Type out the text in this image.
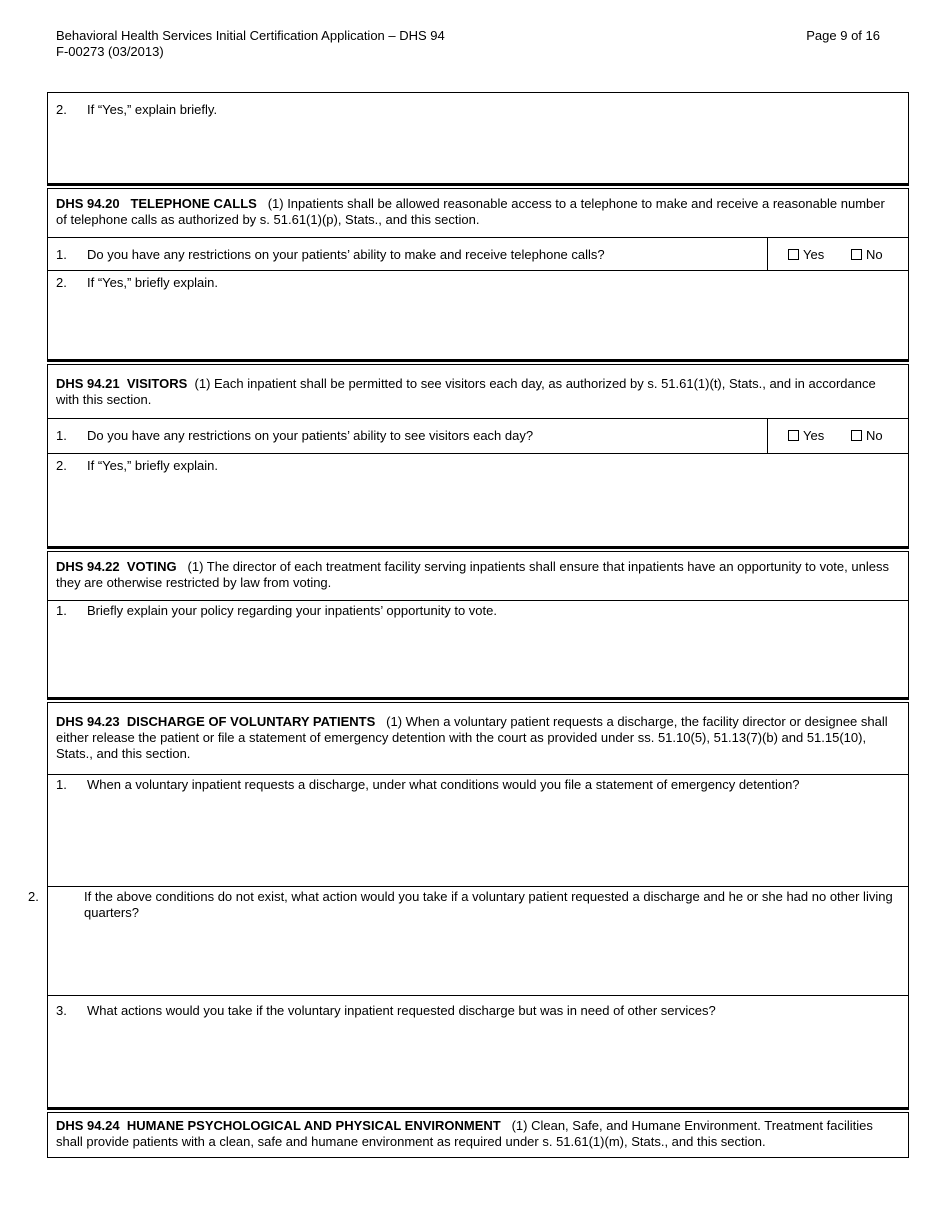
Behavioral Health Services Initial Certification Application – DHS 94
F-00273 (03/2013)
Page 9 of 16
2. If “Yes,” explain briefly.
DHS 94.20 TELEPHONE CALLS (1) Inpatients shall be allowed reasonable access to a telephone to make and receive a reasonable number of telephone calls as authorized by s. 51.61(1)(p), Stats., and this section.
1. Do you have any restrictions on your patients’ ability to make and receive telephone calls?	Yes	No
2. If “Yes,” briefly explain.
DHS 94.21 VISITORS (1) Each inpatient shall be permitted to see visitors each day, as authorized by s. 51.61(1)(t), Stats., and in accordance with this section.
1. Do you have any restrictions on your patients’ ability to see visitors each day?	Yes	No
2. If “Yes,” briefly explain.
DHS 94.22 VOTING (1) The director of each treatment facility serving inpatients shall ensure that inpatients have an opportunity to vote, unless they are otherwise restricted by law from voting.
1. Briefly explain your policy regarding your inpatients’ opportunity to vote.
DHS 94.23 DISCHARGE OF VOLUNTARY PATIENTS (1) When a voluntary patient requests a discharge, the facility director or designee shall either release the patient or file a statement of emergency detention with the court as provided under ss. 51.10(5), 51.13(7)(b) and 51.15(10), Stats., and this section.
1. When a voluntary inpatient requests a discharge, under what conditions would you file a statement of emergency detention?
2.	If the above conditions do not exist, what action would you take if a voluntary patient requested a discharge and he or she had no other living quarters?
3. What actions would you take if the voluntary inpatient requested discharge but was in need of other services?
DHS 94.24 HUMANE PSYCHOLOGICAL AND PHYSICAL ENVIRONMENT (1) Clean, Safe, and Humane Environment. Treatment facilities shall provide patients with a clean, safe and humane environment as required under s. 51.61(1)(m), Stats., and this section.
